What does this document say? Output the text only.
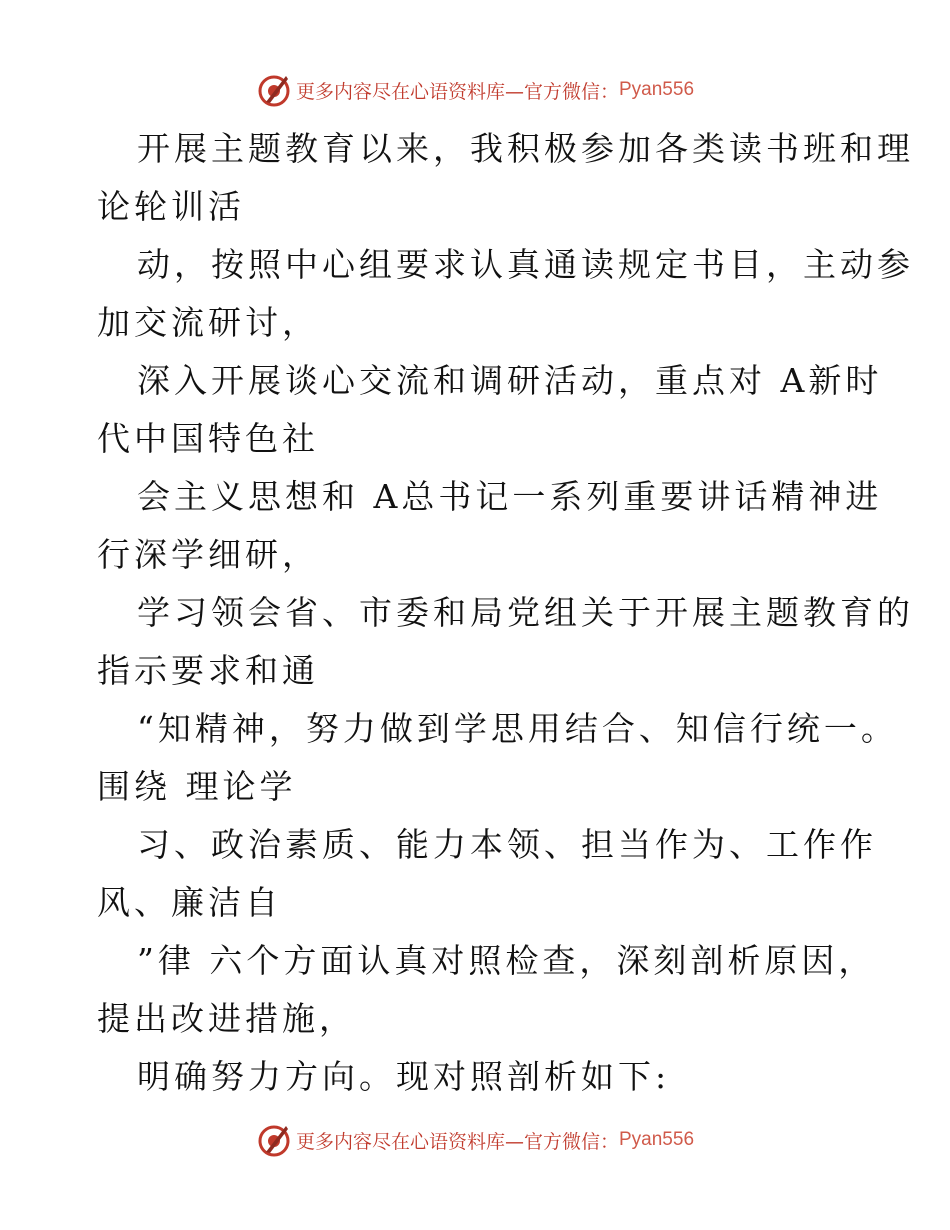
更多内容尽在心语资料库—官方微信： Pyan556
开展主题教育以来，我积极参加各类读书班和理
论轮训活
动，按照中心组要求认真通读规定书目，主动参
加交流研讨，
深入开展谈心交流和调研活动，重点对 A新时
代中国特色社
会主义思想和 A总书记一系列重要讲话精神进
行深学细研，
学习领会省、市委和局党组关于开展主题教育的
指示要求和通
“知精神，努力做到学思用结合、知信行统一。
围绕 理论学
习、政治素质、能力本领、担当作为、工作作
风、廉洁自
”律 六个方面认真对照检查，深刻剖析原因，
提出改进措施，
明确努力方向。现对照剖析如下:
更多内容尽在心语资料库—官方微信： Pyan556
